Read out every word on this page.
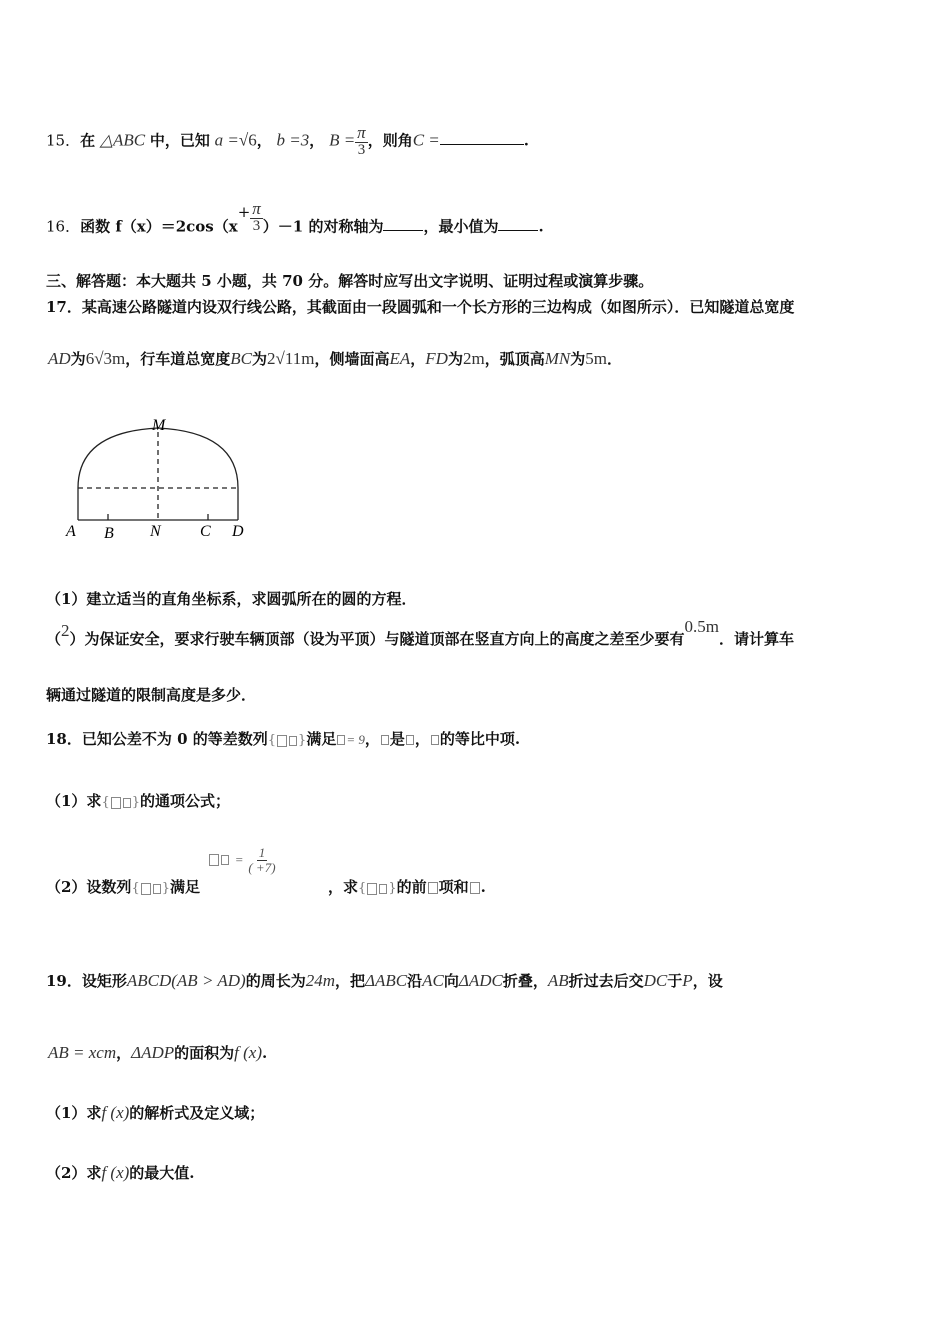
15．在 △ABC 中，已知 a =√6， b =3， $B = \frac{\pi}{3}$ ，则角C =	.
16．函数 $f(x)=2\cos(x+ \frac{\pi}{3} )-1$ 的对称轴为	，最小值为	.
三、解答题：本大题共 5 小题，共 70 分。解答时应写出文字说明、证明过程或演算步骤。
17．某高速公路隧道内设双行线公路，其截面由一段圆弧和一个长方形的三边构成（如图所示）．已知隧道总宽度
AD为6√3m，行车道总宽度BC为2√11m，侧墙面高EA，FD为2m，弧顶高MN为5m．
M
A B N C D
（1）建立适当的直角坐标系，求圆弧所在的圆的方程．
（2）为保证安全，要求行驶车辆顶部（设为平顶）与隧道顶部在竖直方向上的高度之差至少要有0.5m．请计算车
辆通过隧道的限制高度是多少．
18．已知公差不为 0 的等差数列{ }满足 = 9， 是 ， 的等比中项.
（1）求{ }的通项公式；
= $\frac{1}{( +7)}$
（2）设数列{ }满足	，求{ }的前 项和 .
19．设矩形ABCD(AB > AD)的周长为24m，把ΔABC沿AC向ΔADC折叠，AB折过去后交DC于P，设
AB = xcm，ΔADP的面积为f (x).
（1）求f (x)的解析式及定义域；
（2）求f (x)的最大值.
